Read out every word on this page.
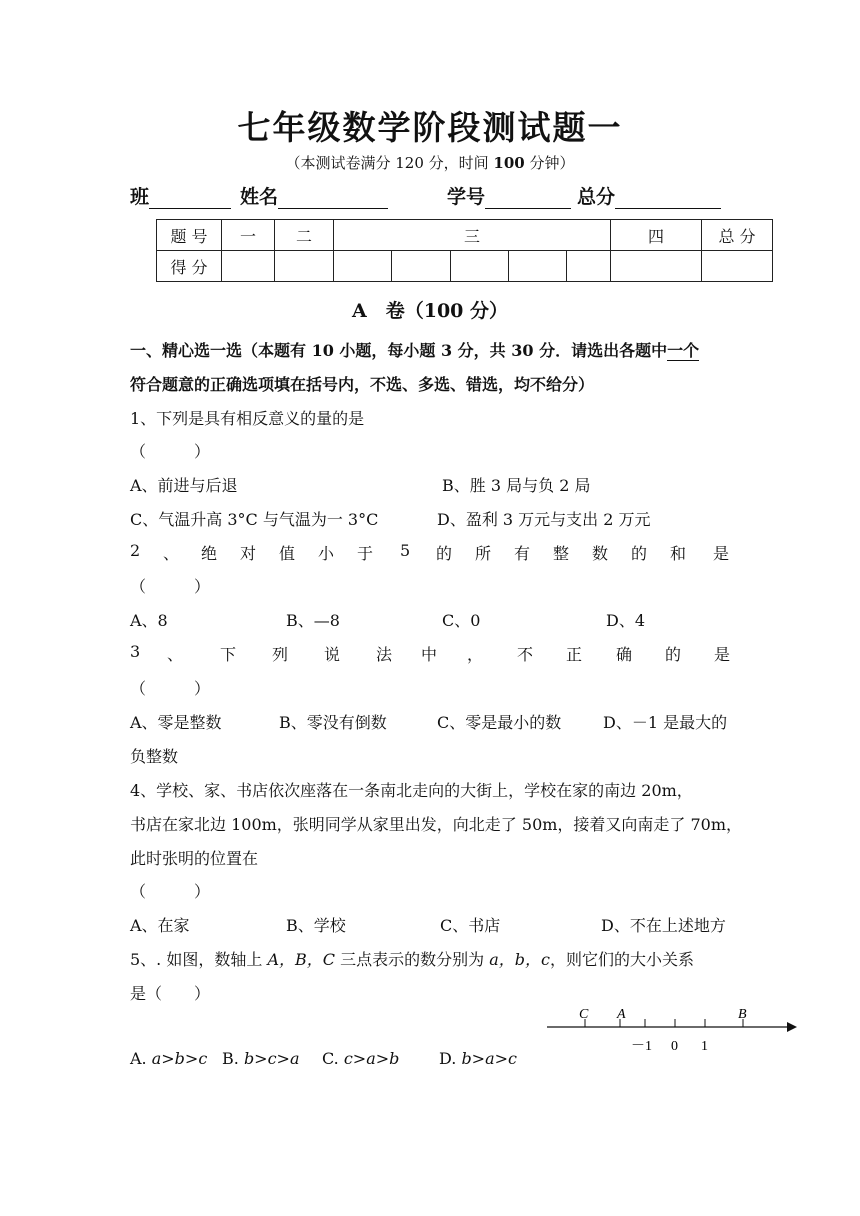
七年级数学阶段测试题一
（本测试卷满分 120 分，时间 100 分钟）
班	姓名	学号	总分
题 号	一	二	三					四	总 分
得 分									
A　卷（100 分）
一、精心选一选（本题有 10 小题，每小题 3 分，共 30 分．请选出各题中一个
符合题意的正确选项填在括号内，不选、多选、错选，均不给分）
1、下列是具有相反意义的量的是
（　　　）
A、前进与后退	B、胜 3 局与负 2 局
C、气温升高 3°C 与气温为一 3°C	D、盈利 3 万元与支出 2 万元
2 、 绝 对 值 小 于 5 的 所 有 整 数 的 和 是
（　　　）
A、8	B、—8	C、0	D、4
3 、 下 列 说 法 中 ， 不 正 确 的 是
（　　　）
A、零是整数	B、零没有倒数	C、零是最小的数	D、－1 是最大的
负整数
4、学校、家、书店依次座落在一条南北走向的大街上，学校在家的南边 20m，
书店在家北边 100m，张明同学从家里出发，向北走了 50m，接着又向南走了 70m，
此时张明的位置在
（　　　）
A、在家	B、学校	C、书店	D、不在上述地方
5、. 如图，数轴上 A，B，C 三点表示的数分别为 a，b，c，则它们的大小关系
是（　　）
C A	B
－1 0 1
A. a>b>c B. b>c>a C. c>a>b D. b>a>c
